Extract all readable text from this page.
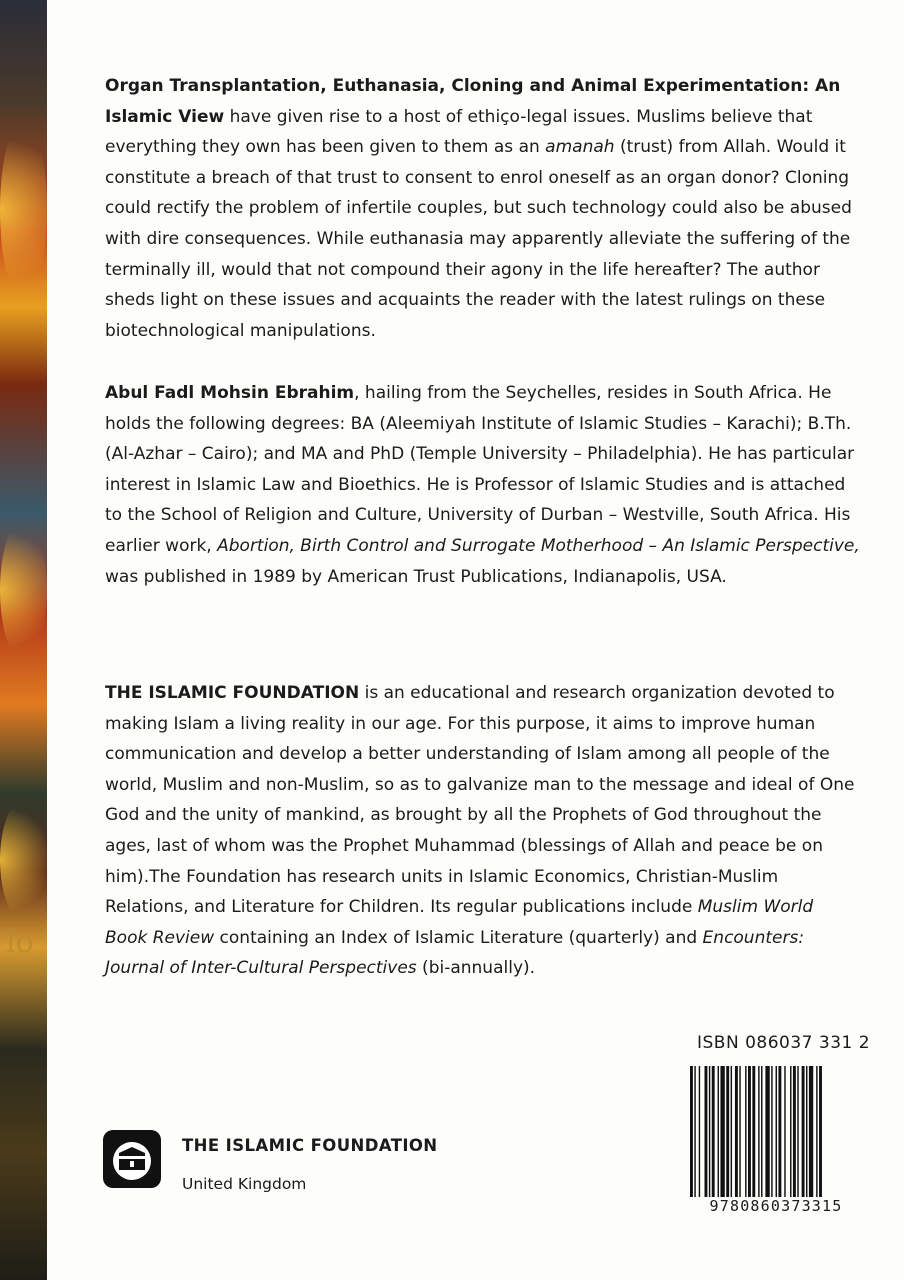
lo

Organ Transplantation, Euthanasia, Cloning and Animal Experimentation: An Islamic View have given rise to a host of ethiço-legal issues. Muslims believe that everything they own has been given to them as an amanah (trust) from Allah. Would it constitute a breach of that trust to consent to enrol oneself as an organ donor? Cloning could rectify the problem of infertile couples, but such technology could also be abused with dire consequences. While euthanasia may apparently alleviate the suffering of the terminally ill, would that not compound their agony in the life hereafter? The author sheds light on these issues and acquaints the reader with the latest rulings on these biotechnological manipulations.

Abul Fadl Mohsin Ebrahim, hailing from the Seychelles, resides in South Africa. He holds the following degrees: BA (Aleemiyah Institute of Islamic Studies – Karachi); B.Th. (Al-Azhar – Cairo); and MA and PhD (Temple University – Philadelphia). He has particular interest in Islamic Law and Bioethics. He is Professor of Islamic Studies and is attached to the School of Religion and Culture, University of Durban – Westville, South Africa. His earlier work, Abortion, Birth Control and Surrogate Motherhood – An Islamic Perspective, was published in 1989 by American Trust Publications, Indianapolis, USA.

THE ISLAMIC FOUNDATION is an educational and research organization devoted to making Islam a living reality in our age. For this purpose, it aims to improve human communication and develop a better understanding of Islam among all people of the world, Muslim and non-Muslim, so as to galvanize man to the message and ideal of One God and the unity of mankind, as brought by all the Prophets of God throughout the ages, last of whom was the Prophet Muhammad (blessings of Allah and peace be on him).The Foundation has research units in Islamic Economics, Christian-Muslim Relations, and Literature for Children. Its regular publications include Muslim World Book Review containing an Index of Islamic Literature (quarterly) and Encounters: Journal of Inter-Cultural Perspectives (bi-annually).

ISBN 086037 331 2
9780860373315
THE ISLAMIC FOUNDATION
United Kingdom
